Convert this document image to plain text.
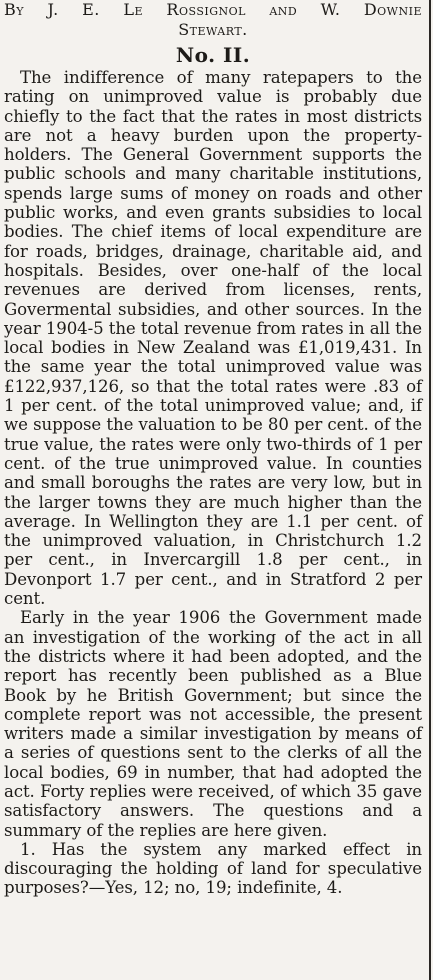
By J. E. Le Rossignol and W. Downie

Stewart.

No. II.

The indifference of many ratepapers to the rating on unimproved value is probably due chiefly to the fact that the rates in most districts are not a heavy burden upon the property-holders. The General Government supports the public schools and many charitable institutions, spends large sums of money on roads and other public works, and even grants subsidies to local bodies. The chief items of local expenditure are for roads, bridges, drainage, charitable aid, and hospitals. Besides, over one-half of the local revenues are derived from licenses, rents, Govermental subsidies, and other sources. In the year 1904-5 the total revenue from rates in all the local bodies in New Zealand was £1,019,431. In the same year the total unimproved value was £122,937,126, so that the total rates were .83 of 1 per cent. of the total unimproved value; and, if we suppose the valuation to be 80 per cent. of the true value, the rates were only two-thirds of 1 per cent. of the true unimproved value. In counties and small boroughs the rates are very low, but in the larger towns they are much higher than the average. In Wellington they are 1.1 per cent. of the unimproved valuation, in Christchurch 1.2 per cent., in Invercargill 1.8 per cent., in Devonport 1.7 per cent., and in Stratford 2 per cent.

Early in the year 1906 the Government made an investigation of the working of the act in all the districts where it had been adopted, and the report has recently been published as a Blue Book by he British Government; but since the complete report was not accessible, the present writers made a similar investigation by means of a series of questions sent to the clerks of all the local bodies, 69 in number, that had adopted the act. Forty replies were received, of which 35 gave satisfactory answers. The questions and a summary of the replies are here given.

1. Has the system any marked effect in discouraging the holding of land for speculative purposes?—Yes, 12; no, 19; indefinite, 4.
